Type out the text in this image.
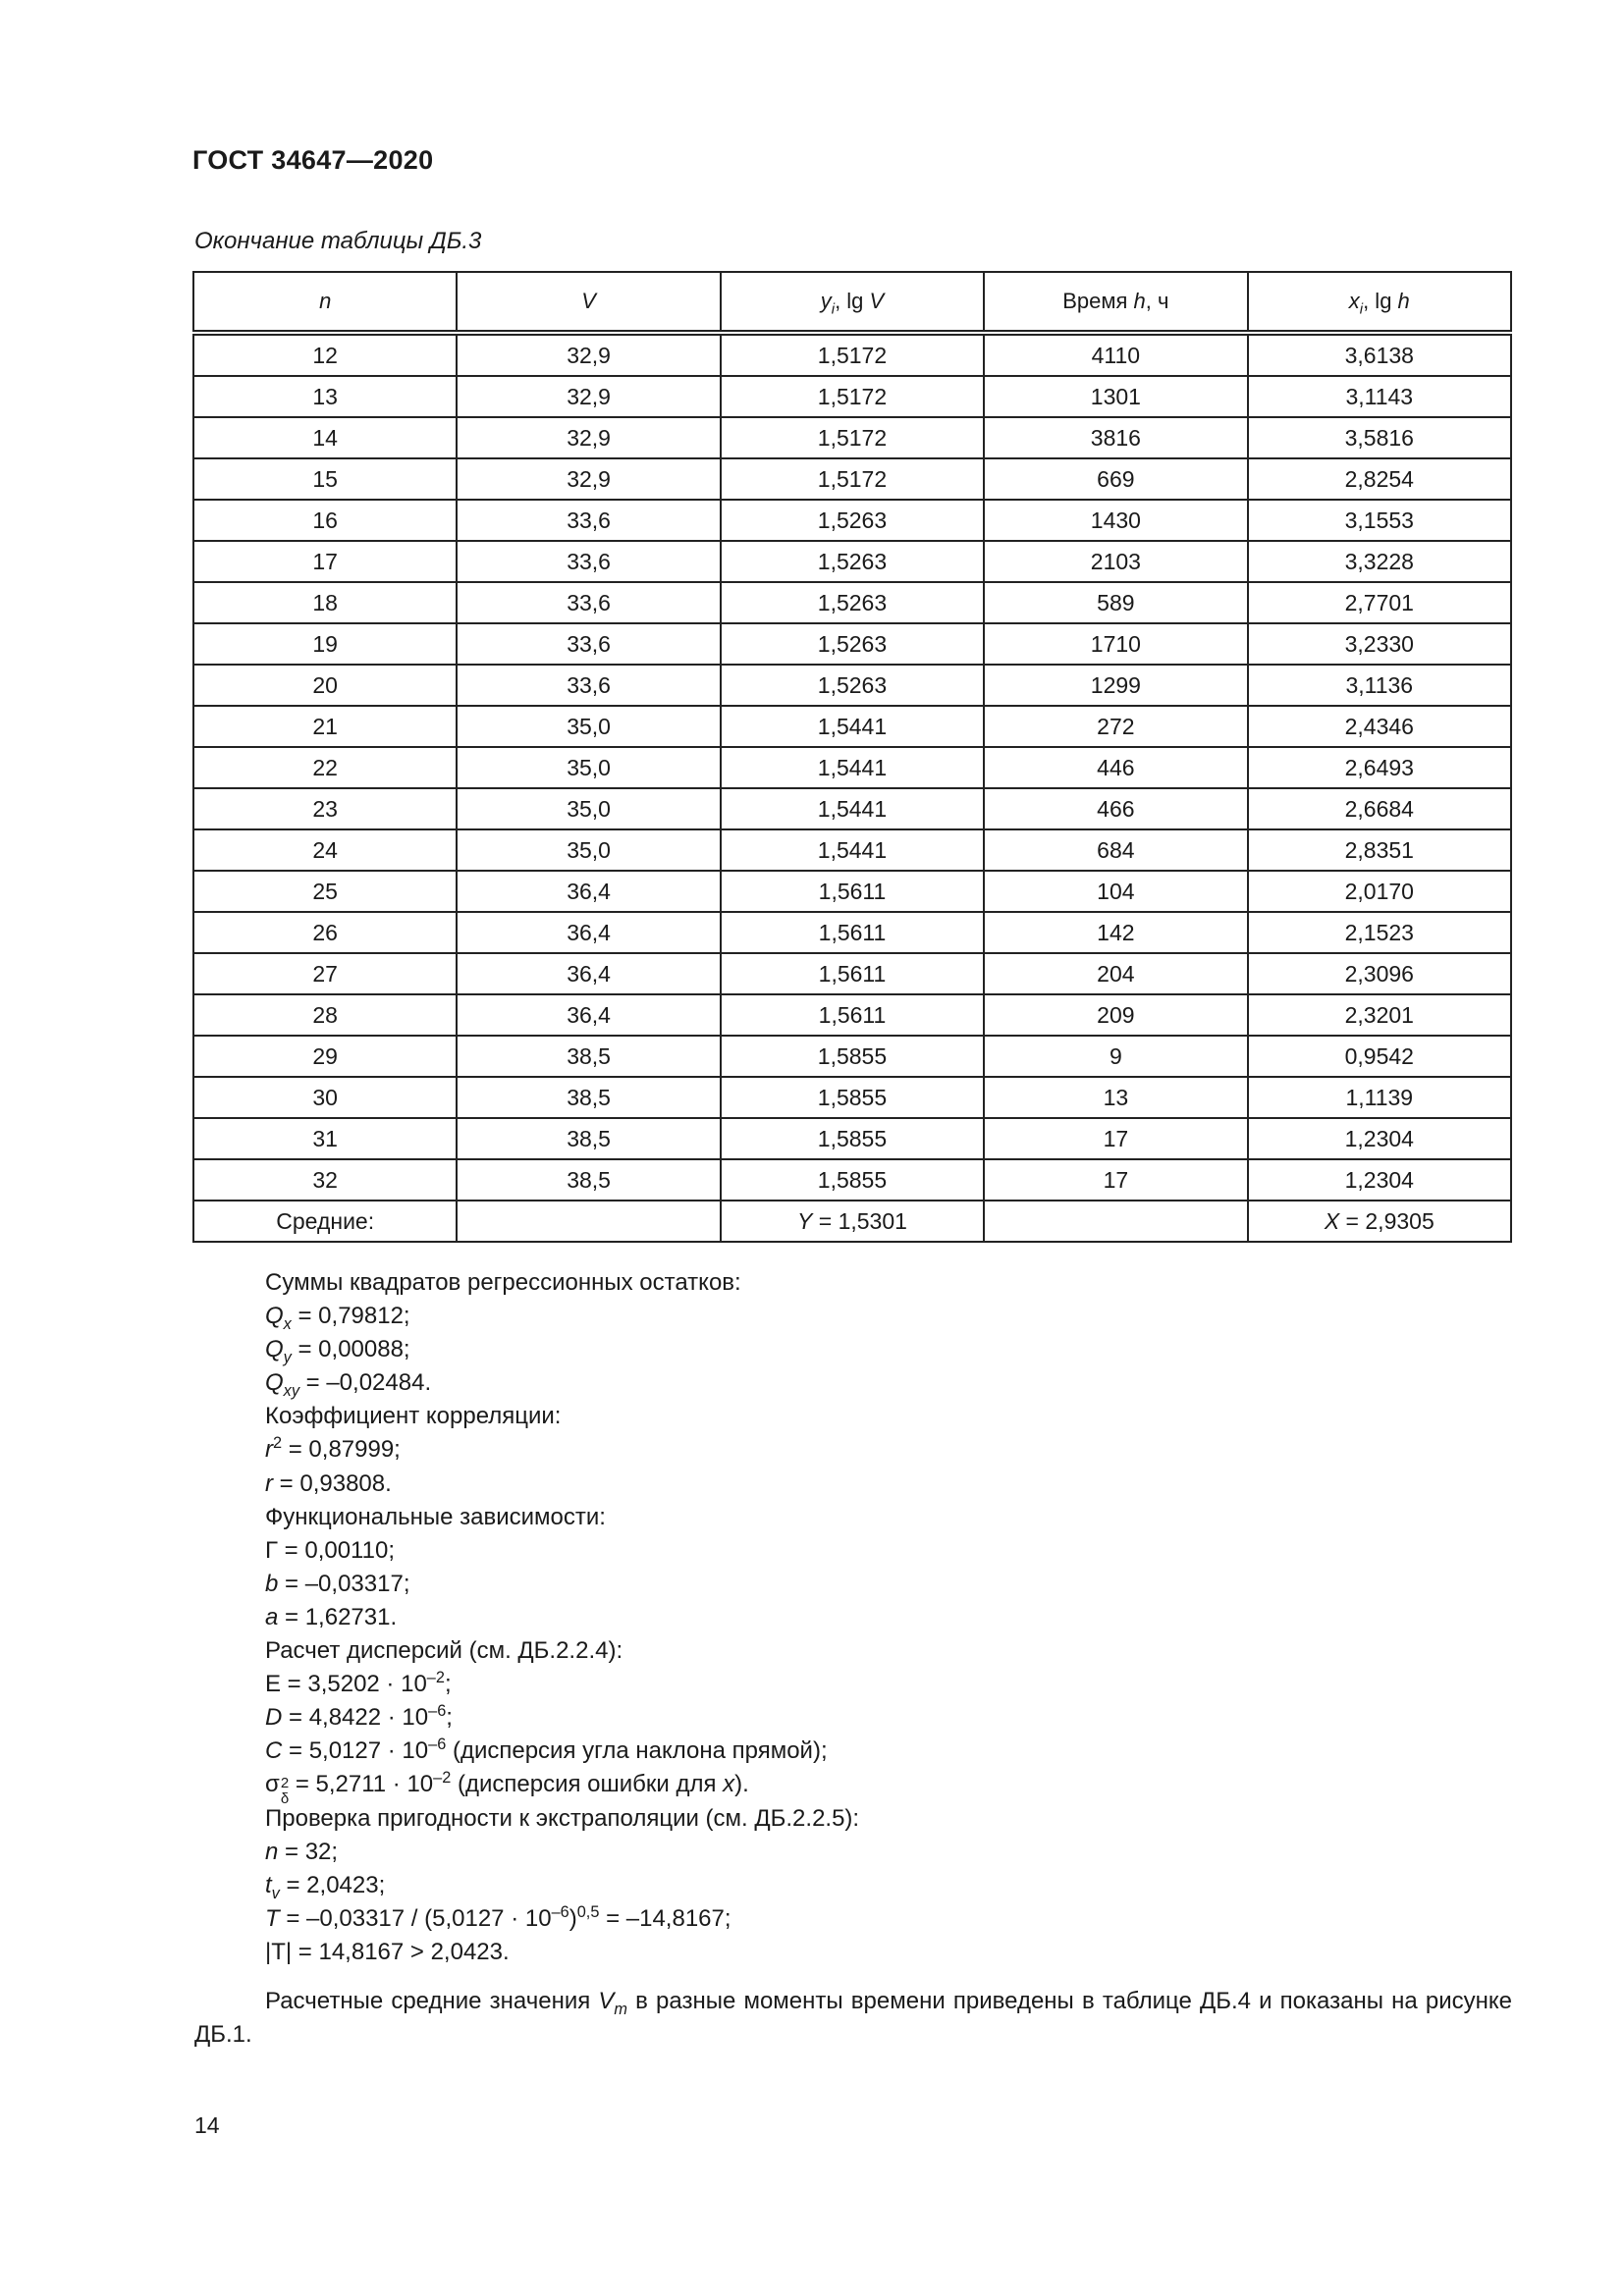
ГОСТ 34647—2020
Окончание таблицы ДБ.3
n	V	$y_i$, lg V	Время h, ч	$x_i$, lg h
12	32,9	1,5172	4110	3,6138
13	32,9	1,5172	1301	3,1143
14	32,9	1,5172	3816	3,5816
15	32,9	1,5172	669	2,8254
16	33,6	1,5263	1430	3,1553
17	33,6	1,5263	2103	3,3228
18	33,6	1,5263	589	2,7701
19	33,6	1,5263	1710	3,2330
20	33,6	1,5263	1299	3,1136
21	35,0	1,5441	272	2,4346
22	35,0	1,5441	446	2,6493
23	35,0	1,5441	466	2,6684
24	35,0	1,5441	684	2,8351
25	36,4	1,5611	104	2,0170
26	36,4	1,5611	142	2,1523
27	36,4	1,5611	204	2,3096
28	36,4	1,5611	209	2,3201
29	38,5	1,5855	9	0,9542
30	38,5	1,5855	13	1,1139
31	38,5	1,5855	17	1,2304
32	38,5	1,5855	17	1,2304
Средние:		Y = 1,5301		X = 2,9305
Суммы квадратов регрессионных остатков:
$Q_x = 0,79812$;
$Q_y = 0,00088$;
$Q_{xy} = -0,02484$.
Коэффициент корреляции:
$r^2 = 0,87999$;
r = 0,93808.
Функциональные зависимости:
Г = 0,00110;
b = –0,03317;
a = 1,62731.
Расчет дисперсий (см. ДБ.2.2.4):
$E = 3,5202 \cdot 10^{-2}$;
$D = 4,8422 \cdot 10^{-6}$;
$C = 5,0127 \cdot 10^{-6}$ (дисперсия угла наклона прямой);
σ 2
δ
= $5,2711 \cdot 10^{-2}$ (дисперсия ошибки для x).
Проверка пригодности к экстраполяции (см. ДБ.2.2.5):
n = 32;
$t_v = 2,0423$;
$T = -0,03317 / (5,0127 \cdot 10^{-6})^{0,5} = -14,8167$;
|T| = 14,8167 > 2,0423.
Расчетные средние значения $V_m$ в разные моменты времени приведены в таблице ДБ.4 и показаны на рисунке ДБ.1.
14
